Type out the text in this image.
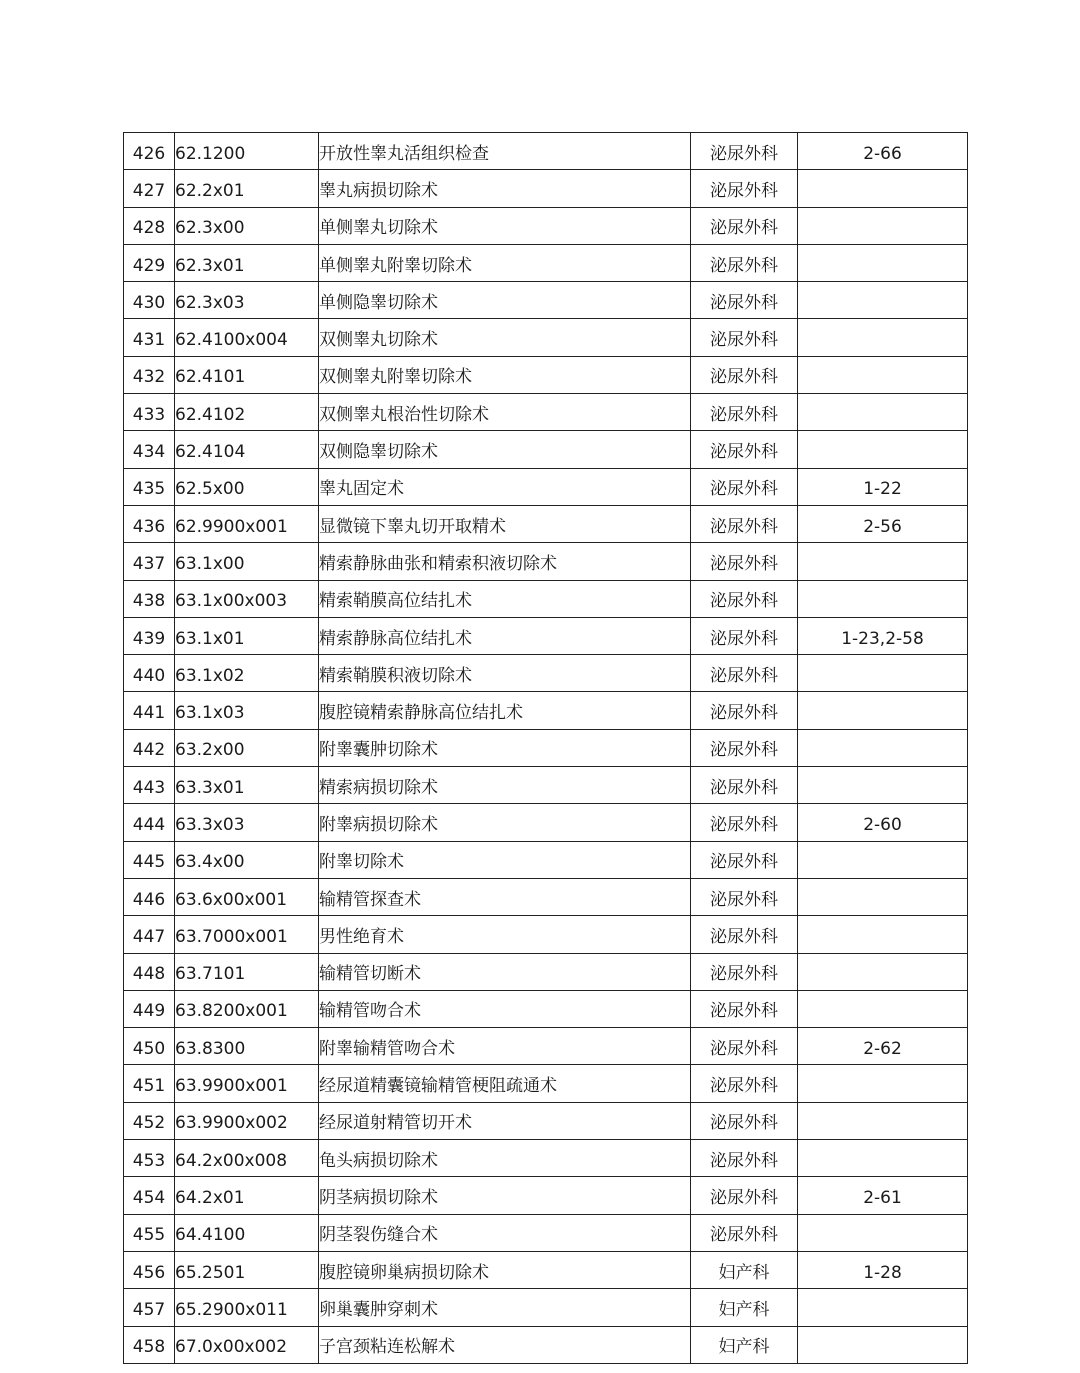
426	62.1200	开放性睾丸活组织检查	泌尿外科	2-66

427	62.2x01	睾丸病损切除术	泌尿外科	

428	62.3x00	单侧睾丸切除术	泌尿外科	

429	62.3x01	单侧睾丸附睾切除术	泌尿外科	

430	62.3x03	单侧隐睾切除术	泌尿外科	

431	62.4100x004	双侧睾丸切除术	泌尿外科	

432	62.4101	双侧睾丸附睾切除术	泌尿外科	

433	62.4102	双侧睾丸根治性切除术	泌尿外科	

434	62.4104	双侧隐睾切除术	泌尿外科	

435	62.5x00	睾丸固定术	泌尿外科	1-22

436	62.9900x001	显微镜下睾丸切开取精术	泌尿外科	2-56

437	63.1x00	精索静脉曲张和精索积液切除术	泌尿外科	

438	63.1x00x003	精索鞘膜高位结扎术	泌尿外科	

439	63.1x01	精索静脉高位结扎术	泌尿外科	1-23,2-58

440	63.1x02	精索鞘膜积液切除术	泌尿外科	

441	63.1x03	腹腔镜精索静脉高位结扎术	泌尿外科	

442	63.2x00	附睾囊肿切除术	泌尿外科	

443	63.3x01	精索病损切除术	泌尿外科	

444	63.3x03	附睾病损切除术	泌尿外科	2-60

445	63.4x00	附睾切除术	泌尿外科	

446	63.6x00x001	输精管探查术	泌尿外科	

447	63.7000x001	男性绝育术	泌尿外科	

448	63.7101	输精管切断术	泌尿外科	

449	63.8200x001	输精管吻合术	泌尿外科	

450	63.8300	附睾输精管吻合术	泌尿外科	2-62

451	63.9900x001	经尿道精囊镜输精管梗阻疏通术	泌尿外科	

452	63.9900x002	经尿道射精管切开术	泌尿外科	

453	64.2x00x008	龟头病损切除术	泌尿外科	

454	64.2x01	阴茎病损切除术	泌尿外科	2-61

455	64.4100	阴茎裂伤缝合术	泌尿外科	

456	65.2501	腹腔镜卵巢病损切除术	妇产科	1-28

457	65.2900x011	卵巢囊肿穿刺术	妇产科	

458	67.0x00x002	子宫颈粘连松解术	妇产科	
